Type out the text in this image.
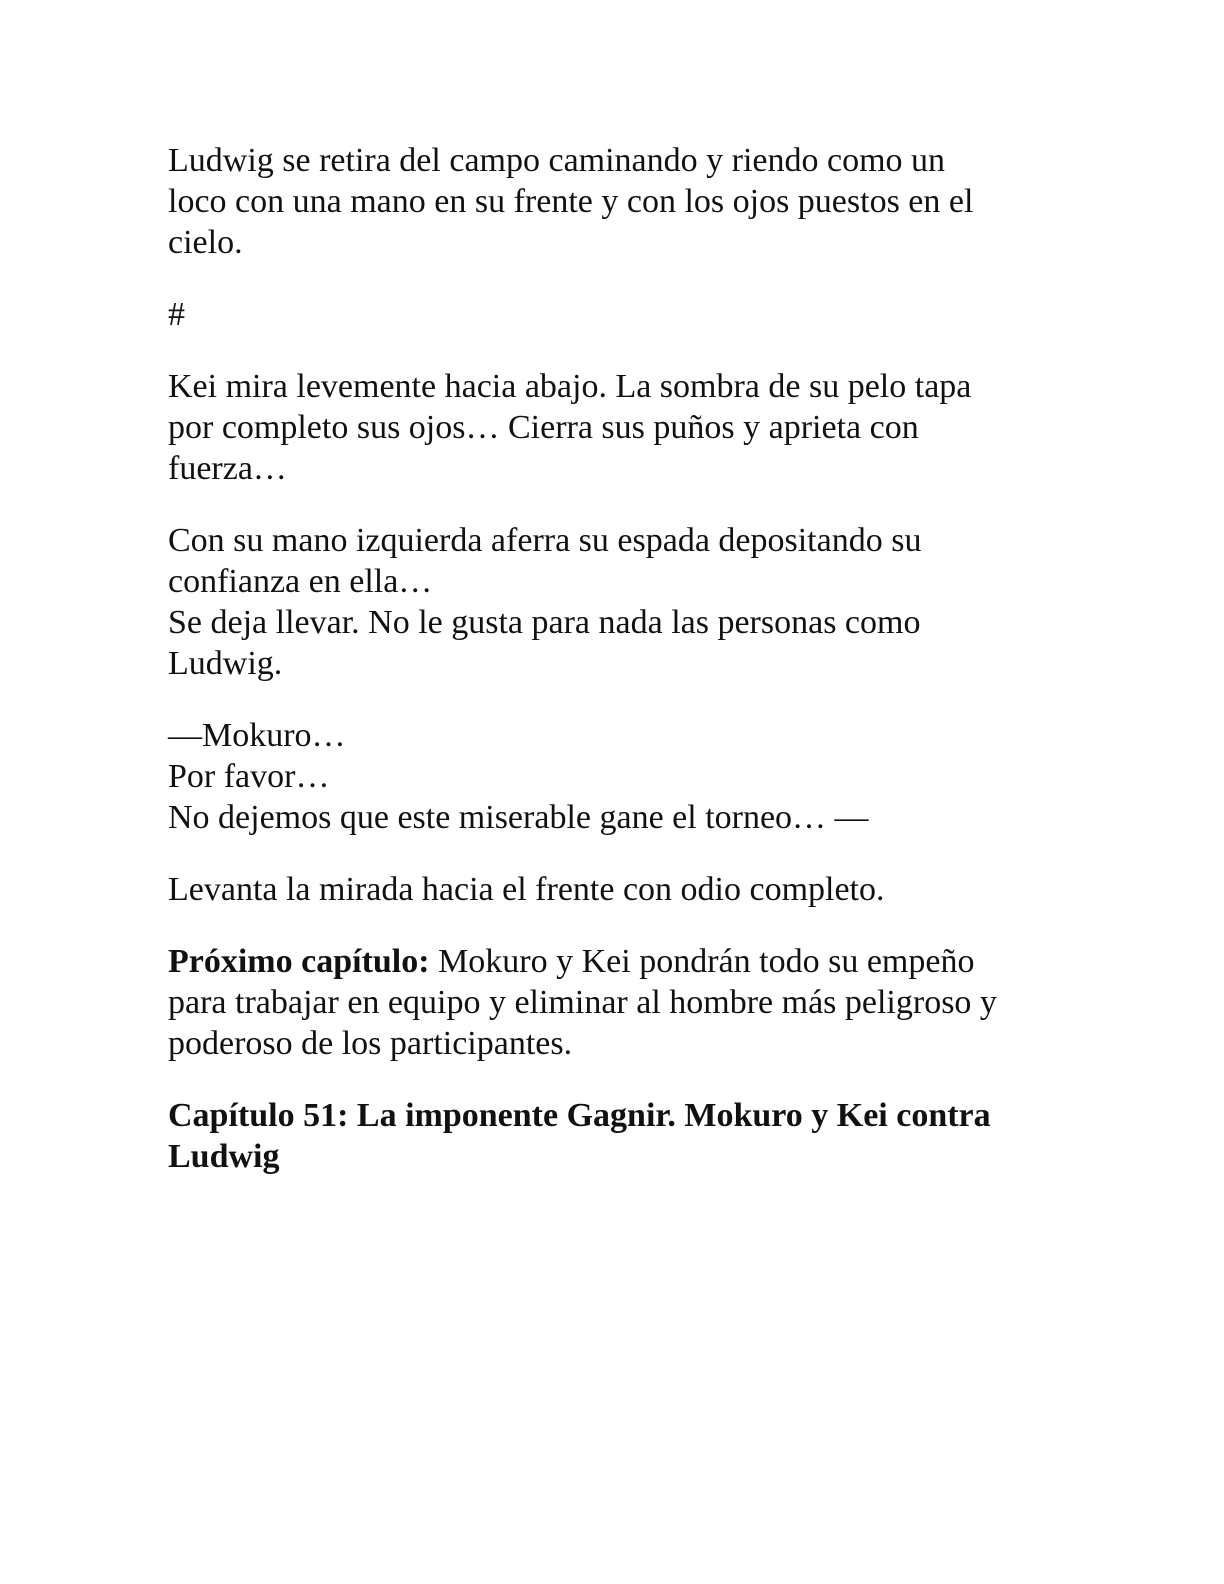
Ludwig se retira del campo caminando y riendo como un
loco con una mano en su frente y con los ojos puestos en el
cielo.

#

Kei mira levemente hacia abajo. La sombra de su pelo tapa
por completo sus ojos… Cierra sus puños y aprieta con
fuerza…

Con su mano izquierda aferra su espada depositando su
confianza en ella…
Se deja llevar. No le gusta para nada las personas como
Ludwig.

—Mokuro…
Por favor…
No dejemos que este miserable gane el torneo… —

Levanta la mirada hacia el frente con odio completo.

Próximo capítulo: Mokuro y Kei pondrán todo su empeño
para trabajar en equipo y eliminar al hombre más peligroso y
poderoso de los participantes.

Capítulo 51: La imponente Gagnir. Mokuro y Kei contra
Ludwig
